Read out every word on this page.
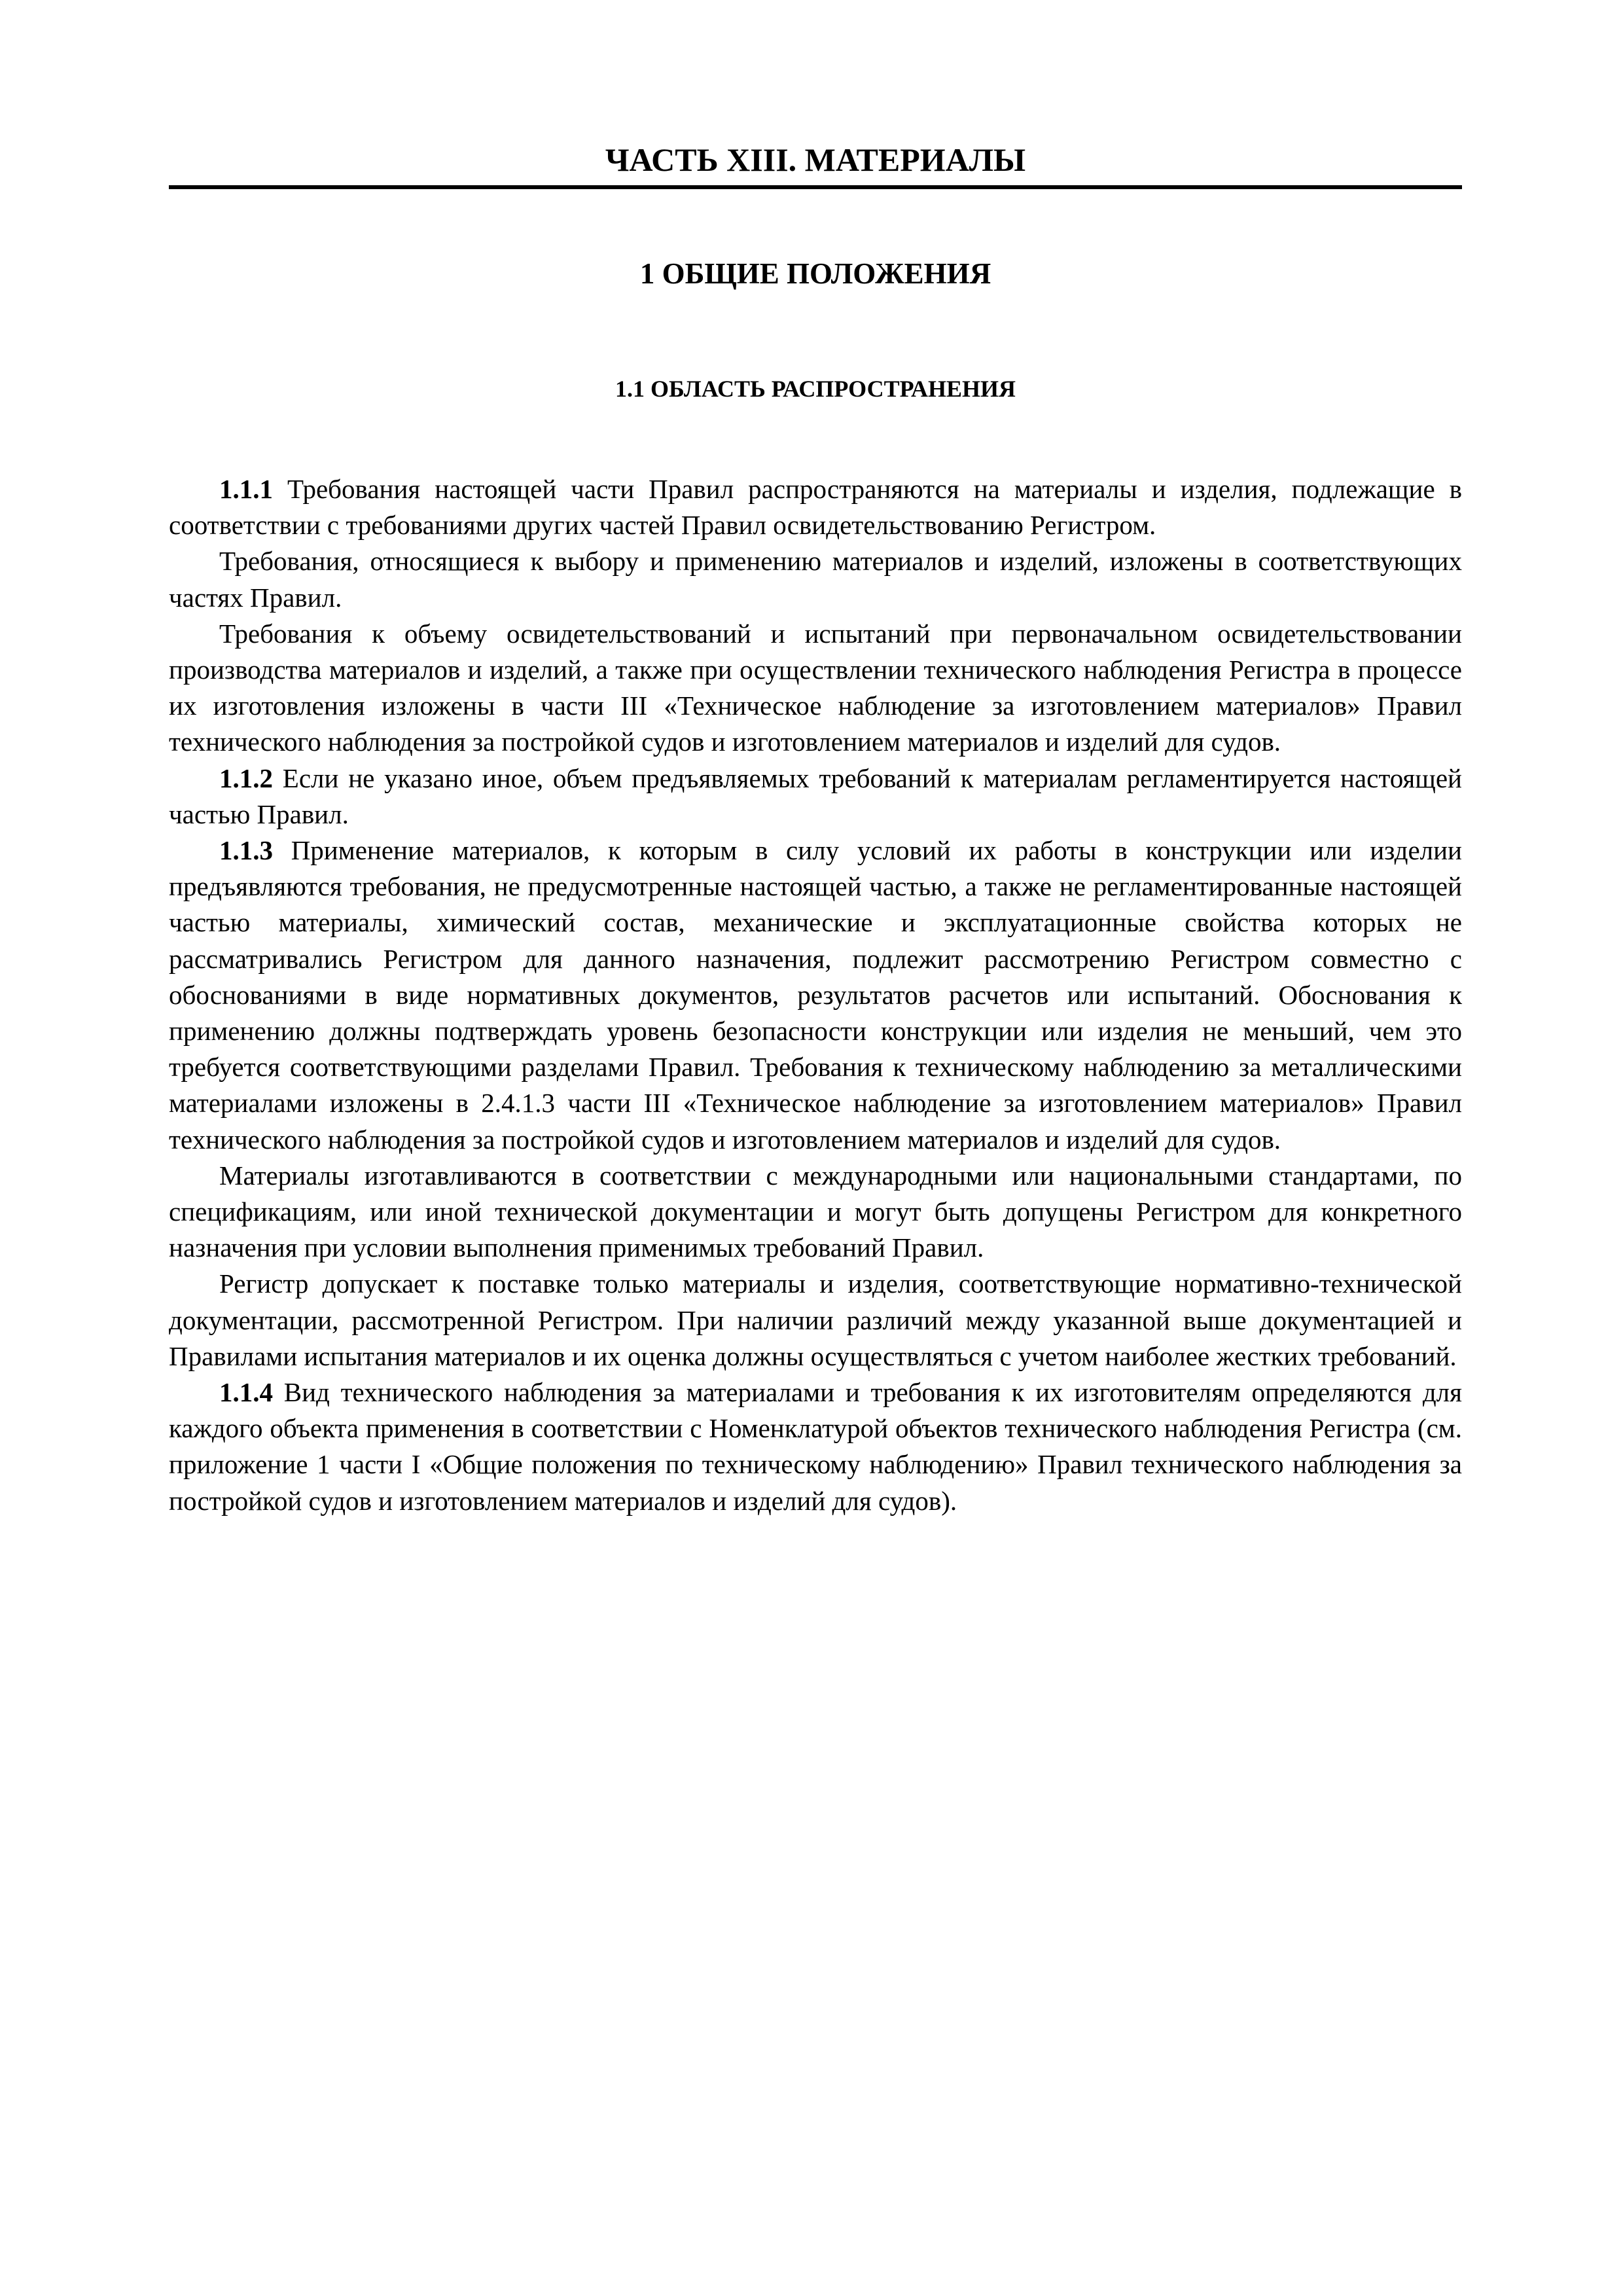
ЧАСТЬ XIII. МАТЕРИАЛЫ
1 ОБЩИЕ ПОЛОЖЕНИЯ
1.1 ОБЛАСТЬ РАСПРОСТРАНЕНИЯ

1.1.1 Требования настоящей части Правил распространяются на материалы и изделия, подлежащие в соответствии с требованиями других частей Правил освидетельствованию Регистром.

Требования, относящиеся к выбору и применению материалов и изделий, изложены в соответствующих частях Правил.

Требования к объему освидетельствований и испытаний при первоначальном освидетельствовании производства материалов и изделий, а также при осуществлении технического наблюдения Регистра в процессе их изготовления изложены в части III «Техническое наблюдение за изготовлением материалов» Правил технического наблюдения за постройкой судов и изготовлением материалов и изделий для судов.

1.1.2 Если не указано иное, объем предъявляемых требований к материалам регламентируется настоящей частью Правил.

1.1.3 Применение материалов, к которым в силу условий их работы в конструкции или изделии предъявляются требования, не предусмотренные настоящей частью, а также не регламентированные настоящей частью материалы, химический состав, механические и эксплуатационные свойства которых не рассматривались Регистром для данного назначения, подлежит рассмотрению Регистром совместно с обоснованиями в виде нормативных документов, результатов расчетов или испытаний. Обоснования к применению должны подтверждать уровень безопасности конструкции или изделия не меньший, чем это требуется соответствующими разделами Правил. Требования к техническому наблюдению за металлическими материалами изложены в 2.4.1.3 части III «Техническое наблюдение за изготовлением материалов» Правил технического наблюдения за постройкой судов и изготовлением материалов и изделий для судов.

Материалы изготавливаются в соответствии с международными или национальными стандартами, по спецификациям, или иной технической документации и могут быть допущены Регистром для конкретного назначения при условии выполнения применимых требований Правил.

Регистр допускает к поставке только материалы и изделия, соответствующие нормативно-технической документации, рассмотренной Регистром. При наличии различий между указанной выше документацией и Правилами испытания материалов и их оценка должны осуществляться с учетом наиболее жестких требований.

1.1.4 Вид технического наблюдения за материалами и требования к их изготовителям определяются для каждого объекта применения в соответствии с Номенклатурой объектов технического наблюдения Регистра (см. приложение 1 части I «Общие положения по техническому наблюдению» Правил технического наблюдения за постройкой судов и изготовлением материалов и изделий для судов).
